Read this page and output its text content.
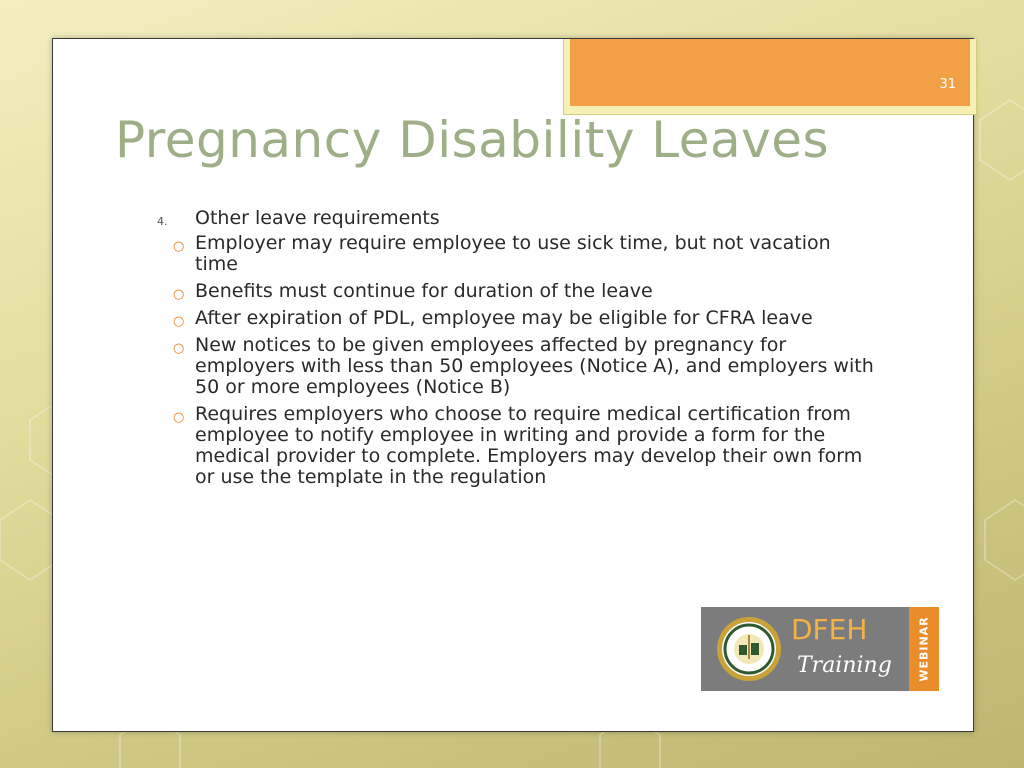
31
Pregnancy Disability Leaves
4. Other leave requirements
○ Employer may require employee to use sick time, but not vacation time
○ Benefits must continue for duration of the leave
○ After expiration of PDL, employee may be eligible for CFRA leave
○ New notices to be given employees affected by pregnancy for employers with less than 50 employees (Notice A), and employers with 50 or more employees (Notice B)
○ Requires employers who choose to require medical certification from employee to notify employee in writing and provide a form for the medical provider to complete. Employers may develop their own form or use the template in the regulation
DFEH
Training WEBINAR
